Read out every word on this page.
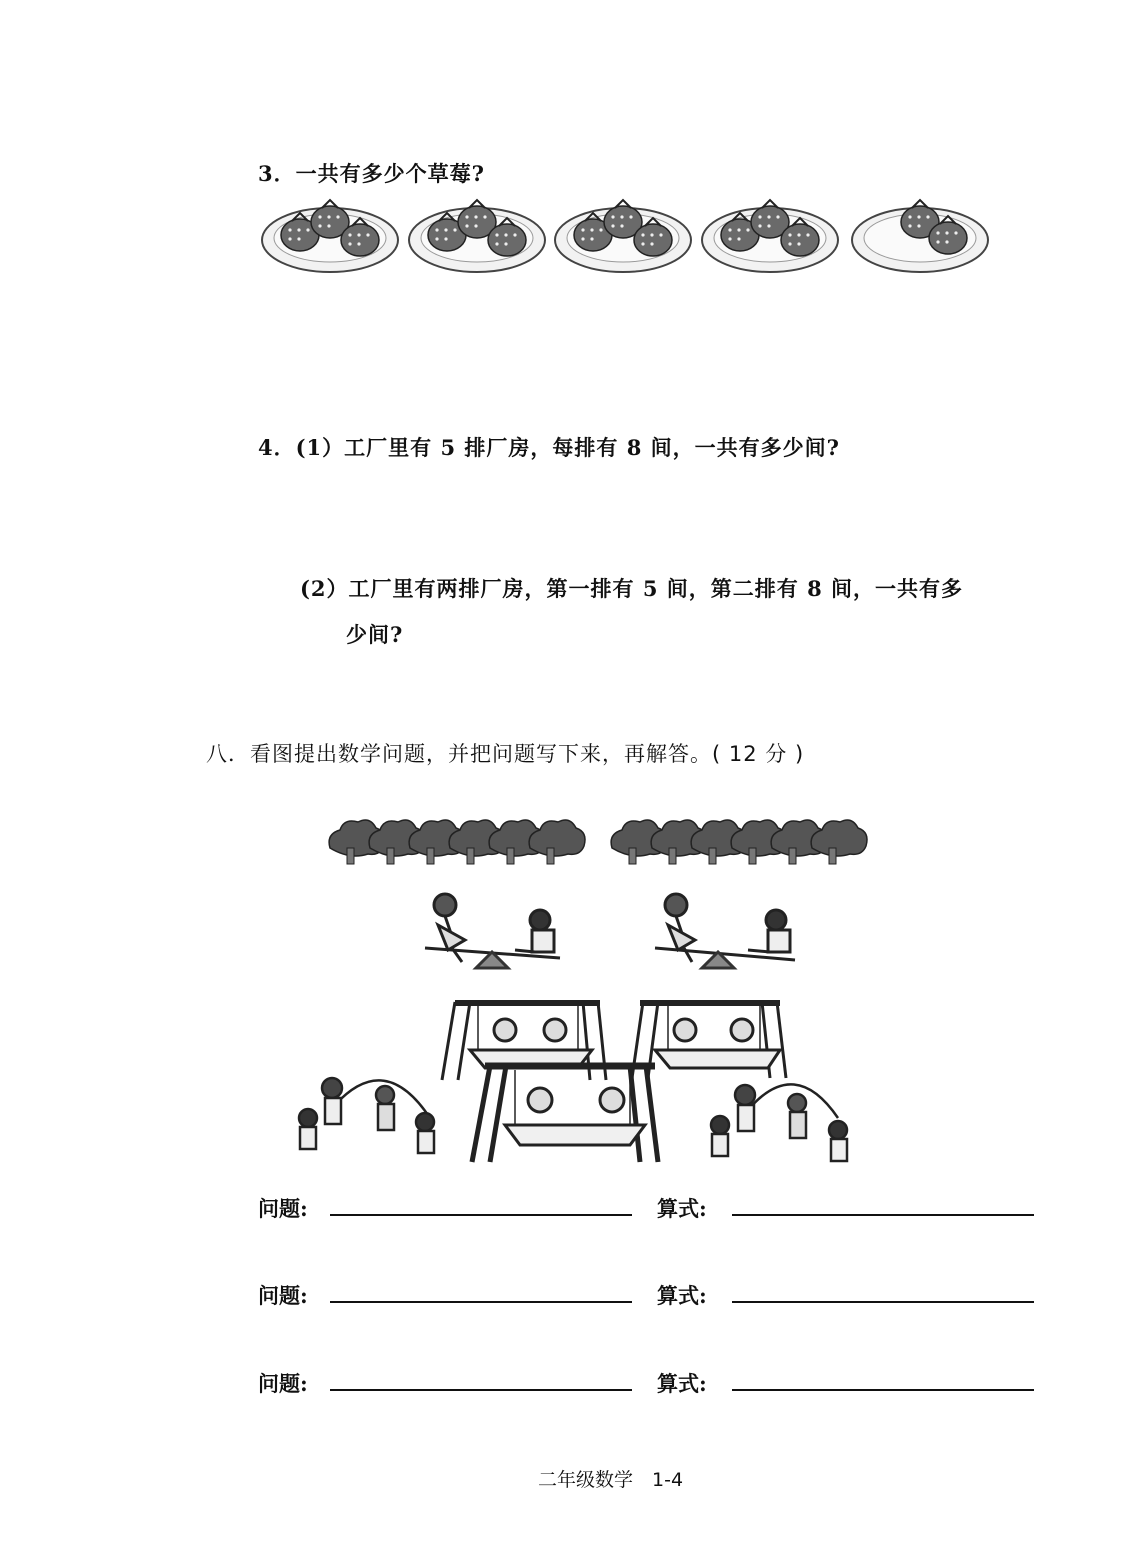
3．一共有多少个草莓?
4．(1）工厂里有 5 排厂房，每排有 8 间，一共有多少间?
(2）工厂里有两排厂房，第一排有 5 间，第二排有 8 间，一共有多
少间?
八．看图提出数学问题，并把问题写下来，再解答。( 12 分 )
问题:	算式:
问题:	算式:
问题:	算式:
二年级数学　1-4
